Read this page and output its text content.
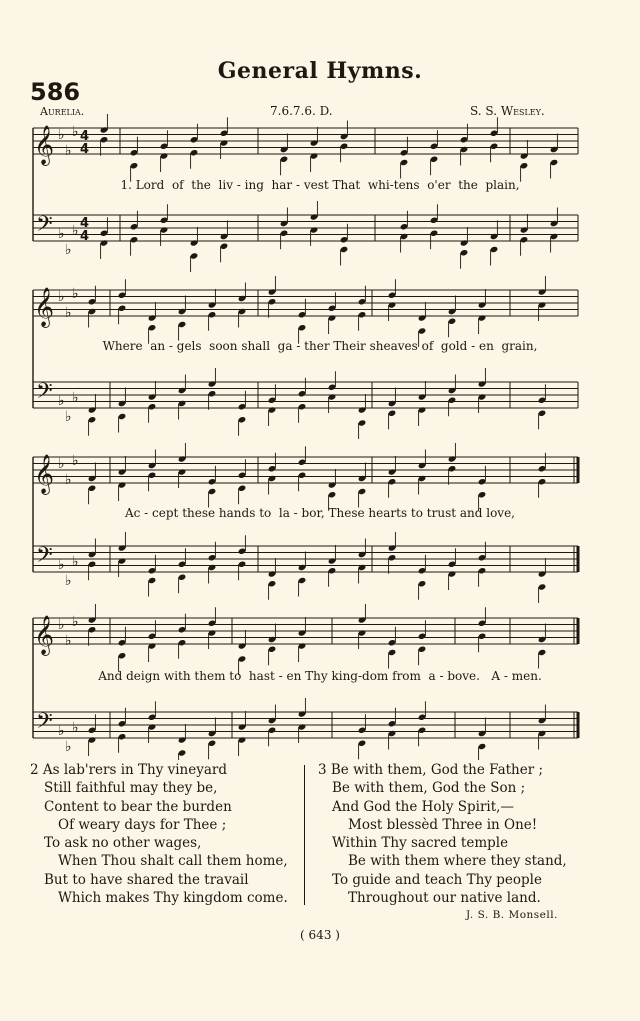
General Hymns.
586
Aurelia.	7.6.7.6. D.	S. S. Wesley.
𝄞 ♭
♭
♭ 4
4
𝄢 ♭
♭
♭ 4
4
𝄞 ♭
♭
♭
𝄢 ♭
♭
♭
𝄞 ♭
♭
♭
𝄢 ♭
♭
♭
𝄞 ♭
♭
♭
𝄢 ♭
♭
♭
1. Lord  of  the  liv - ing  har - vest That  whi-tens  o'er  the  plain,
Where  an - gels  soon shall  ga - ther Their sheaves of  gold - en  grain,
Ac - cept these hands to  la - bor, These hearts to trust and love,
And deign with them to  hast - en Thy king-dom from  a - bove.   A - men.
2 As lab'rers in Thy vineyard
Still faithful may they be,
Content to bear the burden
Of weary days for Thee ;
To ask no other wages,
When Thou shalt call them home,
But to have shared the travail
Which makes Thy kingdom come.
3 Be with them, God the Father ;
Be with them, God the Son ;
And God the Holy Spirit,—
Most blessèd Three in One!
Within Thy sacred temple
Be with them where they stand,
To guide and teach Thy people
Throughout our native land.
J. S. B. Monsell.
( 643 )
